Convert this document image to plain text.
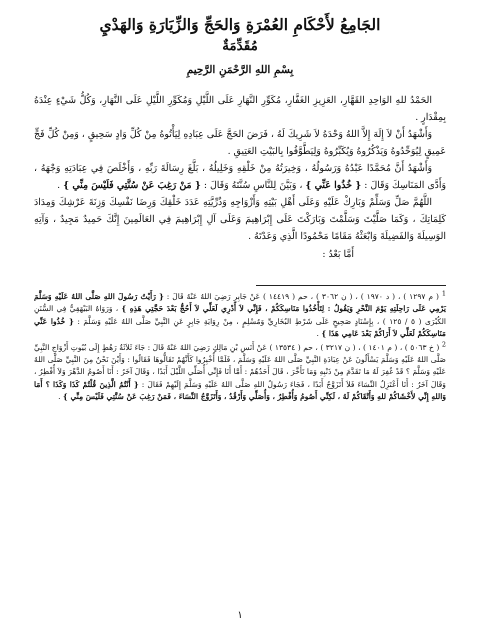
الجَامِعُ لأَحْكَامِ العُمْرَةِ وَالحَجِّ وَالزِّيَارَةِ وَالهَدْيِ
مُقَدِّمَةٌ
بِسْمِ اللهِ الرَّحْمَنِ الرَّحِيمِ

الحَمْدُ للهِ الوَاحِدِ القَهَّارِ، العَزِيزِ الغَفَّارِ، مُكَوِّرِ النَّهَارِ عَلَى اللَّيْلِ وَمُكَوِّرِ اللَّيْلِ عَلَى النَّهَارِ، وَكُلُّ شَيْءٍ عِنْدَهُ بِمِقْدَارٍ .

وَأَشْهَدُ أَنْ لاَ إِلَهَ إِلاَّ اللهُ وَحْدَهُ لاَ شَرِيكَ لَهُ ، فَرَضَ الحَجَّ عَلَى عِبَادِهِ لِيَأْتُوهُ مِنْ كُلِّ وَادٍ سَحِيقٍ ، وَمِنْ كُلِّ فَجٍّ عَمِيقٍ لِيُوَحِّدُوهُ وَيَذْكُرُوهُ وَيُكَبِّرُوهُ وَلِيَطَّوَّفُوا بِالبَيْتِ العَتِيقِ .

وَأَشْهَدُ أَنَّ مُحَمَّدًا عَبْدُهُ وَرَسُولُهُ ، وَخِيرَتُهُ مِنْ خَلْقِهِ وَخَلِيلُهُ ، بَلَّغَ رِسَالَةَ رَبِّهِ ، وَأَخْلَصَ فِي عِبَادَتِهِ وَجْهَهُ ، وَأَدَّى المَنَاسِكَ وَقَالَ : { خُذُوا عَنِّي } ، وَبَيَّنَ لِلنَّاسِ سُنَّتَهُ وَقَالَ : { مَنْ رَغِبَ عَنْ سُنَّتِي فَلَيْسَ مِنِّي } .

اللَّهُمَّ صَلِّ وَسَلِّمْ وَبَارِكْ عَلَيْهِ وَعَلَى أَهْلِ بَيْتِهِ وَأَزْوَاجِهِ وَذُرِّيَّتِهِ عَدَدَ خَلْقِكَ وَرِضَا نَفْسِكَ وَزِنَةَ عَرْشِكَ وَمِدَادَ كَلِمَاتِكَ ، وَكَمَا صَلَّيْتَ وَسَلَّمْتَ وَبَارَكْتَ عَلَى إِبْرَاهِيمَ وَعَلَى آلِ إِبْرَاهِيمَ فِي العَالَمِينَ إِنَّكَ حَمِيدٌ مَجِيدٌ ، وَآتِهِ الوَسِيلَةَ وَالفَضِيلَةَ وَابْعَثْهُ مَقَامًا مَحْمُودًا الَّذِي وَعَدْتَهُ .

أَمَّا بَعْدُ :

$^1$ ( م ١٢٩٧ ) ، ( د ١٩٧٠ ) ، ( ن ٣٠٦٢ ) ، حم ( ١٤٤١٩ ) عَنْ جَابِرٍ رَضِيَ اللهُ عَنْهُ قَالَ : { رَأَيْتُ رَسُولَ اللهِ صَلَّى اللهُ عَلَيْهِ وَسَلَّمَ يَرْمِي عَلَى رَاحِلَتِهِ يَوْمَ النَّحْرِ وَيَقُولُ : لِتَأْخُذُوا مَنَاسِكَكُمْ ، فَإِنِّي لاَ أَدْرِي لَعَلِّي لاَ أَحُجُّ بَعْدَ حَجَّتِي هَذِهِ } ، وَرَوَاهُ البَيْهَقِيُّ فِي السُّنَنِ الكُبْرَى ( ٥ / ١٢٥ ) ، بِإِسْنَادٍ صَحِيحٍ عَلَى شَرْطِ البُخَارِيِّ وَمُسْلِمٍ ، مِنْ رِوَايَةِ جَابِرٍ عَنِ النَّبِيِّ صَلَّى اللهُ عَلَيْهِ وَسَلَّمَ : { خُذُوا عَنِّي مَنَاسِكَكُمْ لَعَلِّي لاَ أَرَاكُمْ بَعْدَ عَامِي هَذَا } .

$^2$ ( خ ٥٠٦٣ ) ، ( م ١٤٠١ ) ، ( ن ٣٢١٧ ) ، حم ( ١٣٥٣٤ ) عَنْ أَنَسِ بْنِ مَالِكٍ رَضِيَ اللهُ عَنْهُ قَالَ : جَاءَ ثَلاَثَةُ رَهْطٍ إِلَى بُيُوتِ أَزْوَاجِ النَّبِيِّ صَلَّى اللهُ عَلَيْهِ وَسَلَّمَ يَسْأَلُونَ عَنْ عِبَادَةِ النَّبِيِّ صَلَّى اللهُ عَلَيْهِ وَسَلَّمَ ، فَلَمَّا أُخْبِرُوا كَأَنَّهُمْ تَقَالُّوهَا فَقَالُوا : وَأَيْنَ نَحْنُ مِنَ النَّبِيِّ صَلَّى اللهُ عَلَيْهِ وَسَلَّمَ ؟ قَدْ غُفِرَ لَهُ مَا تَقَدَّمَ مِنْ ذَنْبِهِ وَمَا تَأَخَّرَ ، قَالَ أَحَدُهُمْ : أَمَّا أَنَا فَإِنِّي أُصَلِّي اللَّيْلَ أَبَدًا ، وَقَالَ آخَرُ : أَنَا أَصُومُ الدَّهْرَ وَلاَ أُفْطِرُ ، وَقَالَ آخَرُ : أَنَا أَعْتَزِلُ النِّسَاءَ فَلاَ أَتَزَوَّجُ أَبَدًا ، فَجَاءَ رَسُولُ اللهِ صَلَّى اللهُ عَلَيْهِ وَسَلَّمَ إِلَيْهِمْ فَقَالَ : { أَنْتُمُ الَّذِينَ قُلْتُمْ كَذَا وَكَذَا ؟ أَمَا وَاللهِ إِنِّي لأَخْشَاكُمْ للهِ وَأَتْقَاكُمْ لَهُ ، لَكِنِّي أَصُومُ وَأُفْطِرُ ، وَأُصَلِّي وَأَرْقُدُ ، وَأَتَزَوَّجُ النِّسَاءَ ، فَمَنْ رَغِبَ عَنْ سُنَّتِي فَلَيْسَ مِنِّي } .

١
